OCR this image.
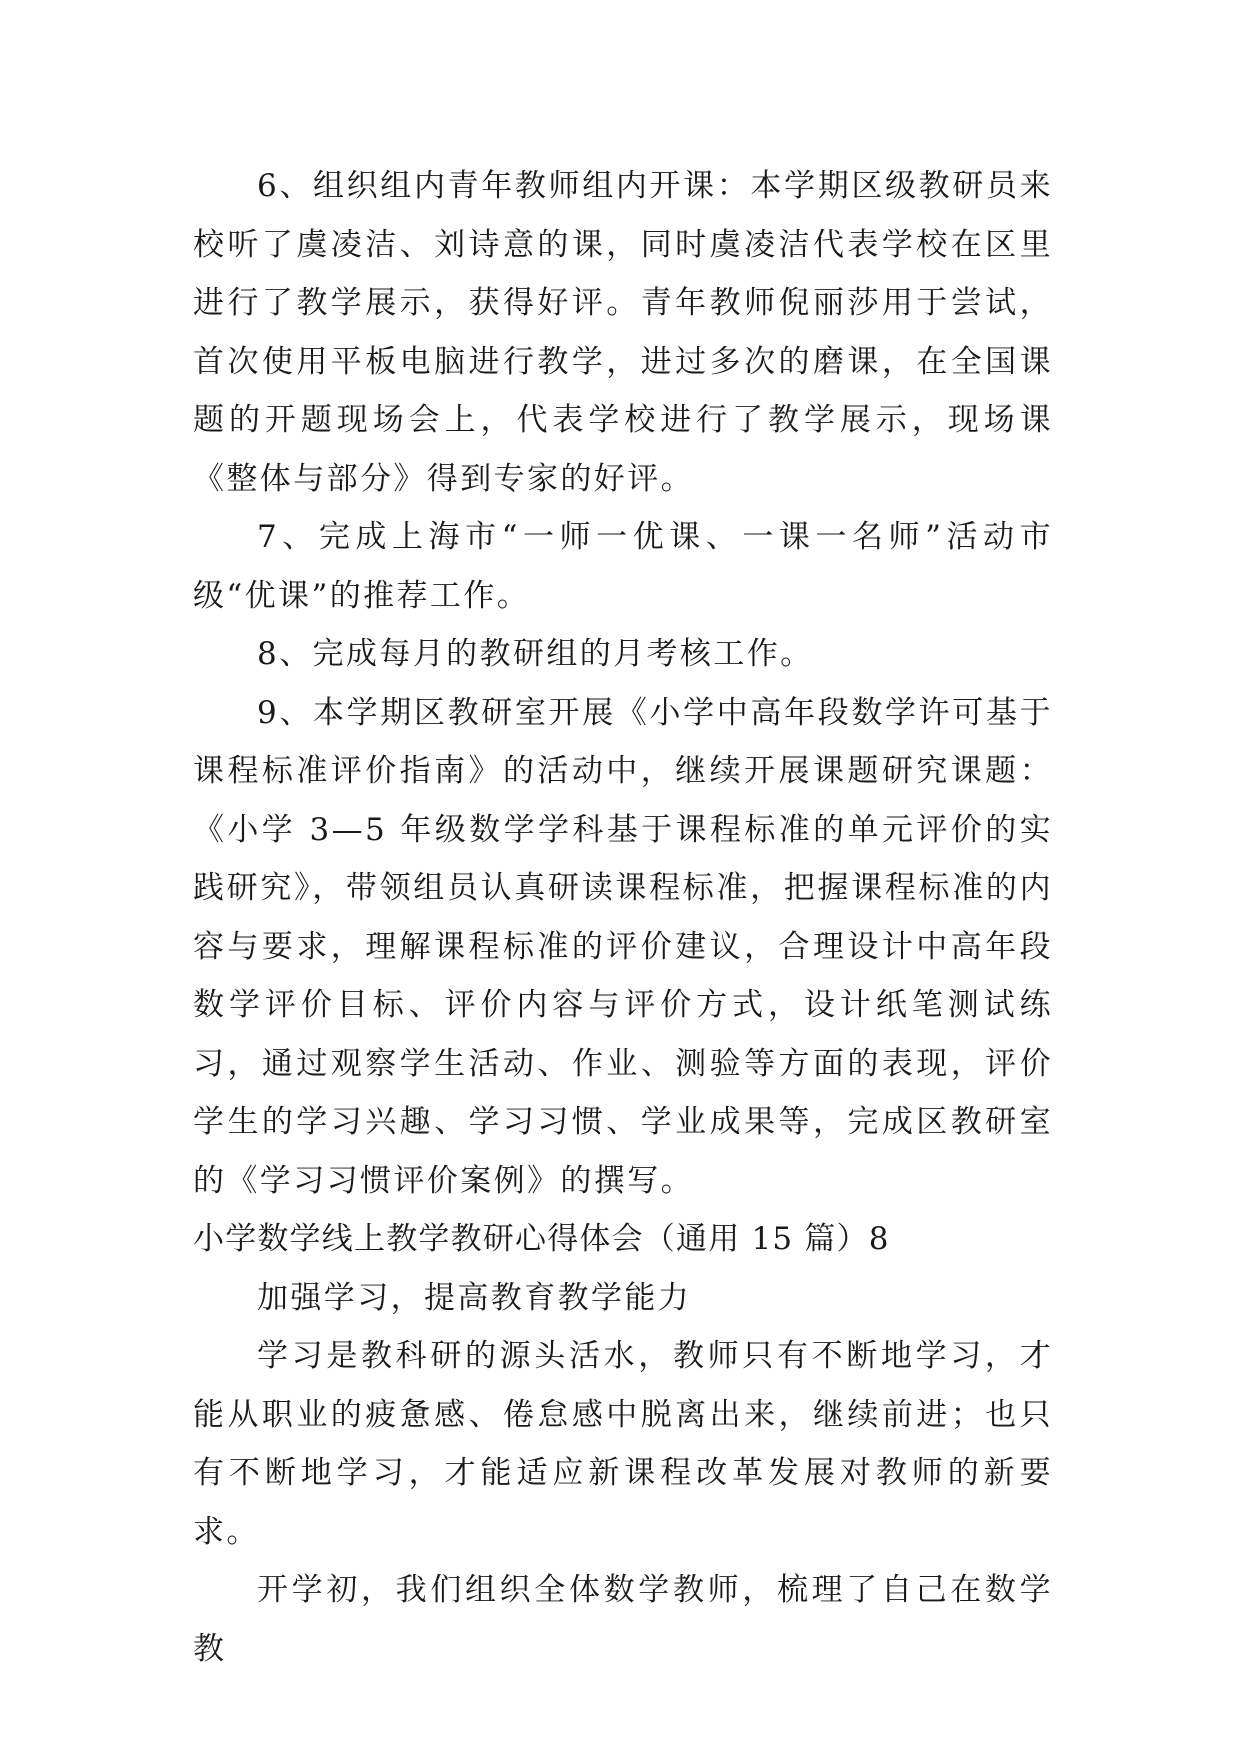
6、组织组内青年教师组内开课：本学期区级教研员来校听了虞凌洁、刘诗意的课，同时虞凌洁代表学校在区里进行了教学展示，获得好评。青年教师倪丽莎用于尝试，首次使用平板电脑进行教学，进过多次的磨课，在全国课题的开题现场会上，代表学校进行了教学展示，现场课《整体与部分》得到专家的好评。

7、完成上海市“一师一优课、一课一名师”活动市级“优课”的推荐工作。

8、完成每月的教研组的月考核工作。

9、本学期区教研室开展《小学中高年段数学许可基于课程标准评价指南》的活动中，继续开展课题研究课题：《小学 3—5 年级数学学科基于课程标准的单元评价的实践研究》，带领组员认真研读课程标准，把握课程标准的内容与要求，理解课程标准的评价建议，合理设计中高年段数学评价目标、评价内容与评价方式，设计纸笔测试练习，通过观察学生活动、作业、测验等方面的表现，评价学生的学习兴趣、学习习惯、学业成果等，完成区教研室的《学习习惯评价案例》的撰写。

小学数学线上教学教研心得体会（通用 15 篇）8

加强学习，提高教育教学能力

学习是教科研的源头活水，教师只有不断地学习，才能从职业的疲惫感、倦怠感中脱离出来，继续前进；也只有不断地学习，才能适应新课程改革发展对教师的新要求。

开学初，我们组织全体数学教师，梳理了自己在数学教
